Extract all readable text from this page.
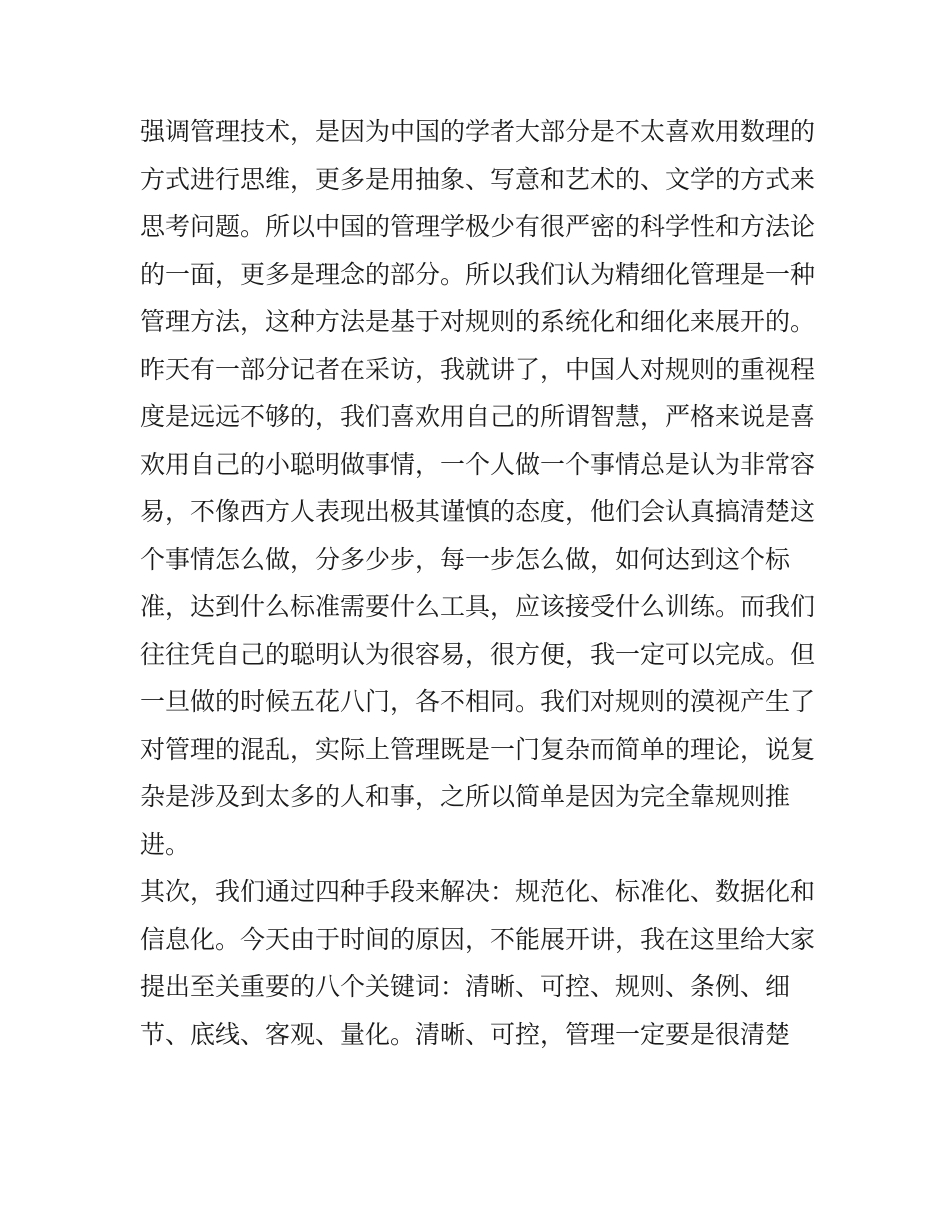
强调管理技术，是因为中国的学者大部分是不太喜欢用数理的
方式进行思维，更多是用抽象、写意和艺术的、文学的方式来
思考问题。所以中国的管理学极少有很严密的科学性和方法论
的一面，更多是理念的部分。所以我们认为精细化管理是一种
管理方法，这种方法是基于对规则的系统化和细化来展开的。
昨天有一部分记者在采访，我就讲了，中国人对规则的重视程
度是远远不够的，我们喜欢用自己的所谓智慧，严格来说是喜
欢用自己的小聪明做事情，一个人做一个事情总是认为非常容
易，不像西方人表现出极其谨慎的态度，他们会认真搞清楚这
个事情怎么做，分多少步，每一步怎么做，如何达到这个标
准，达到什么标准需要什么工具，应该接受什么训练。而我们
往往凭自己的聪明认为很容易，很方便，我一定可以完成。但
一旦做的时候五花八门，各不相同。我们对规则的漠视产生了
对管理的混乱，实际上管理既是一门复杂而简单的理论，说复
杂是涉及到太多的人和事，之所以简单是因为完全靠规则推
进。
其次，我们通过四种手段来解决：规范化、标准化、数据化和
信息化。今天由于时间的原因，不能展开讲，我在这里给大家
提出至关重要的八个关键词：清晰、可控、规则、条例、细
节、底线、客观、量化。清晰、可控，管理一定要是很清楚
